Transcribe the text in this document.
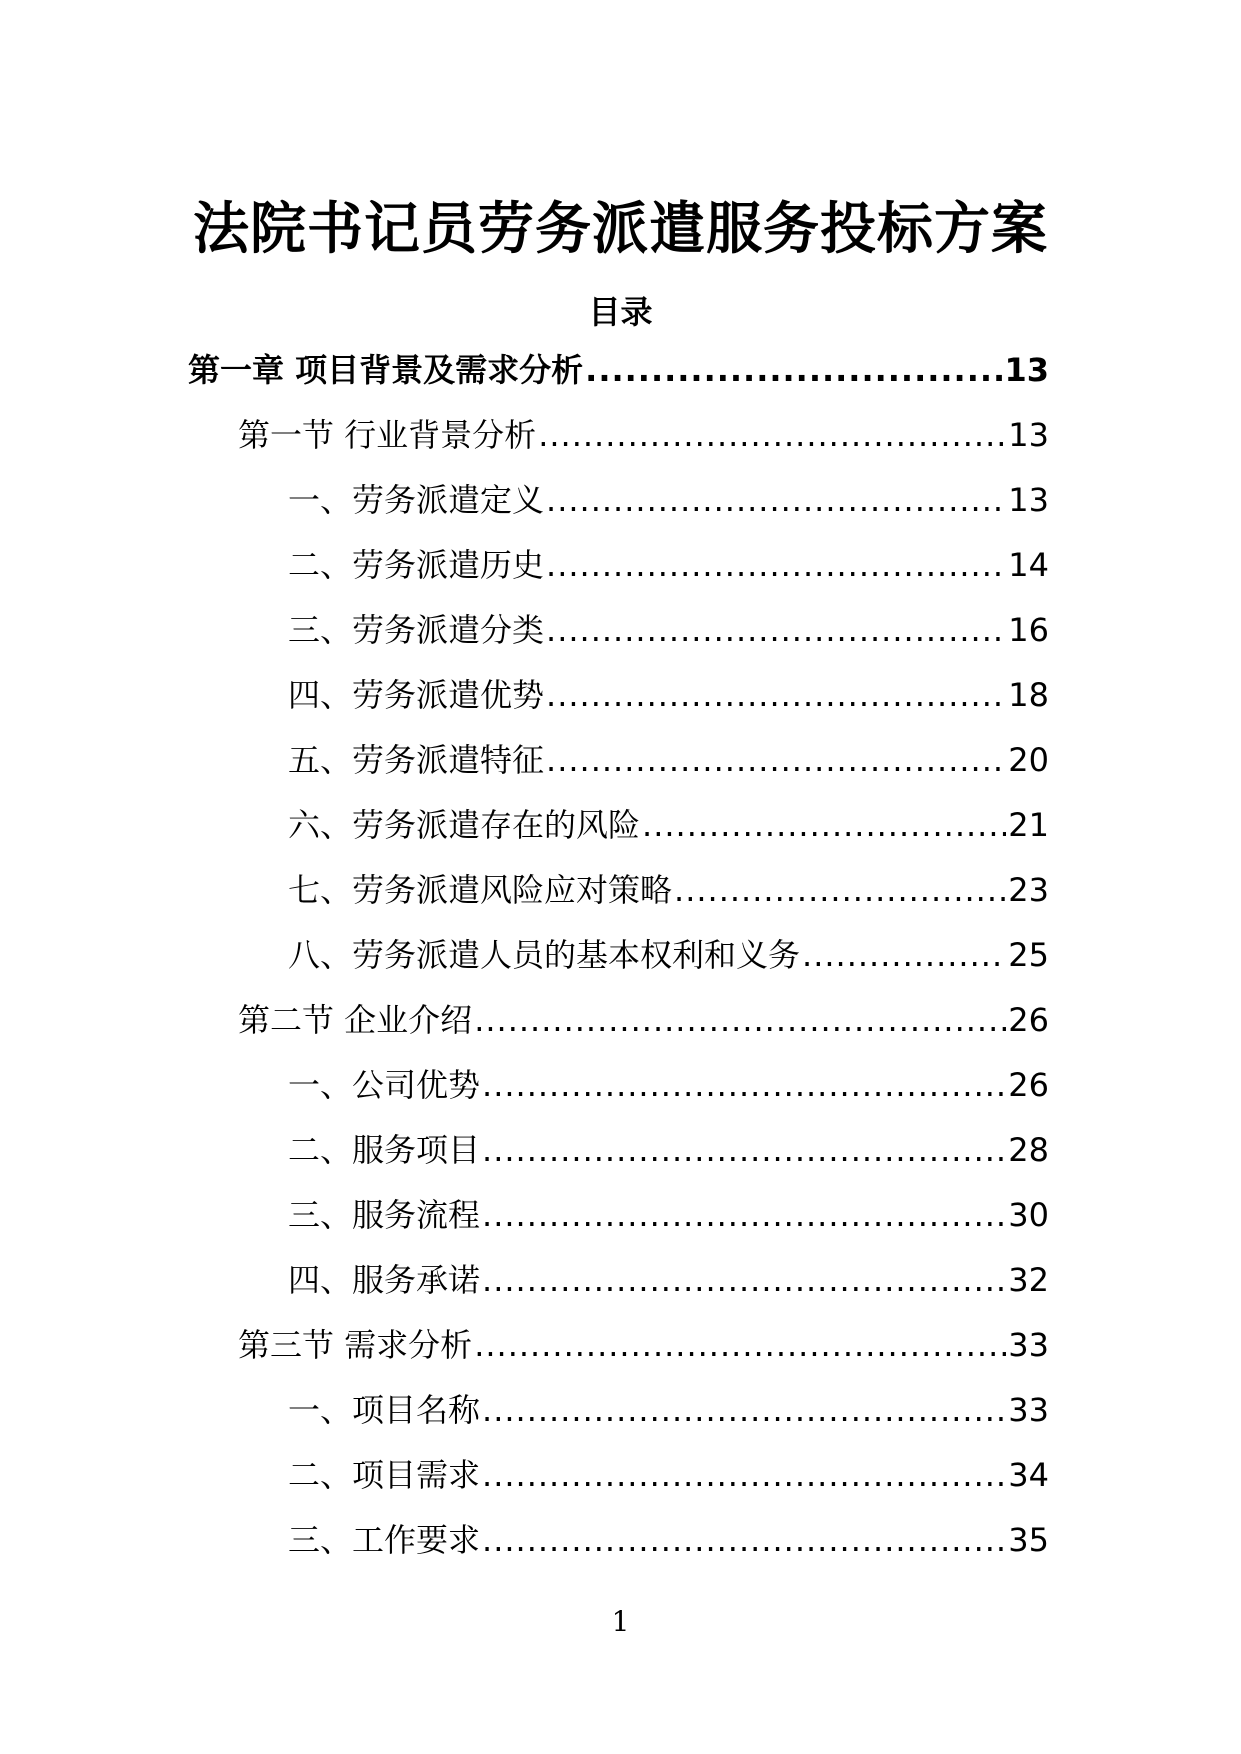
法院书记员劳务派遣服务投标方案
目录
第一章 项目背景及需求分析 .....	13
第一节 行业背景分析 .....	13
一、劳务派遣定义 .....	13
二、劳务派遣历史 .....	14
三、劳务派遣分类 .....	16
四、劳务派遣优势 .....	18
五、劳务派遣特征 .....	20
六、劳务派遣存在的风险 .....	21
七、劳务派遣风险应对策略 .....	23
八、劳务派遣人员的基本权利和义务 .....	25
第二节 企业介绍 .....	26
一、公司优势 .....	26
二、服务项目 .....	28
三、服务流程 .....	30
四、服务承诺 .....	32
第三节 需求分析 .....	33
一、项目名称 .....	33
二、项目需求 .....	34
三、工作要求 .....	35
1
